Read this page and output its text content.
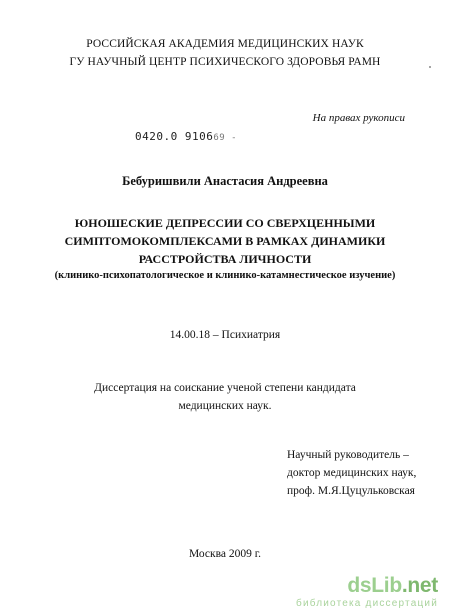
РОССИЙСКАЯ АКАДЕМИЯ МЕДИЦИНСКИХ НАУК
ГУ НАУЧНЫЙ ЦЕНТР ПСИХИЧЕСКОГО ЗДОРОВЬЯ РАМН
На правах рукописи
0420.0 910669 -
Бебуришвили Анастасия Андреевна
ЮНОШЕСКИЕ ДЕПРЕССИИ СО СВЕРХЦЕННЫМИ
СИМПТОМОКОМПЛЕКСАМИ В РАМКАХ ДИНАМИКИ
РАССТРОЙСТВА ЛИЧНОСТИ
(клинико-психопатологическое и клинико-катамнестическое изучение)
14.00.18 – Психиатрия
Диссертация на соискание ученой степени кандидата
медицинских наук.
Научный руководитель –
доктор медицинских наук,
проф. М.Я.Цуцульковская
Москва 2009 г.
dsLib.net
библиотека диссертаций
